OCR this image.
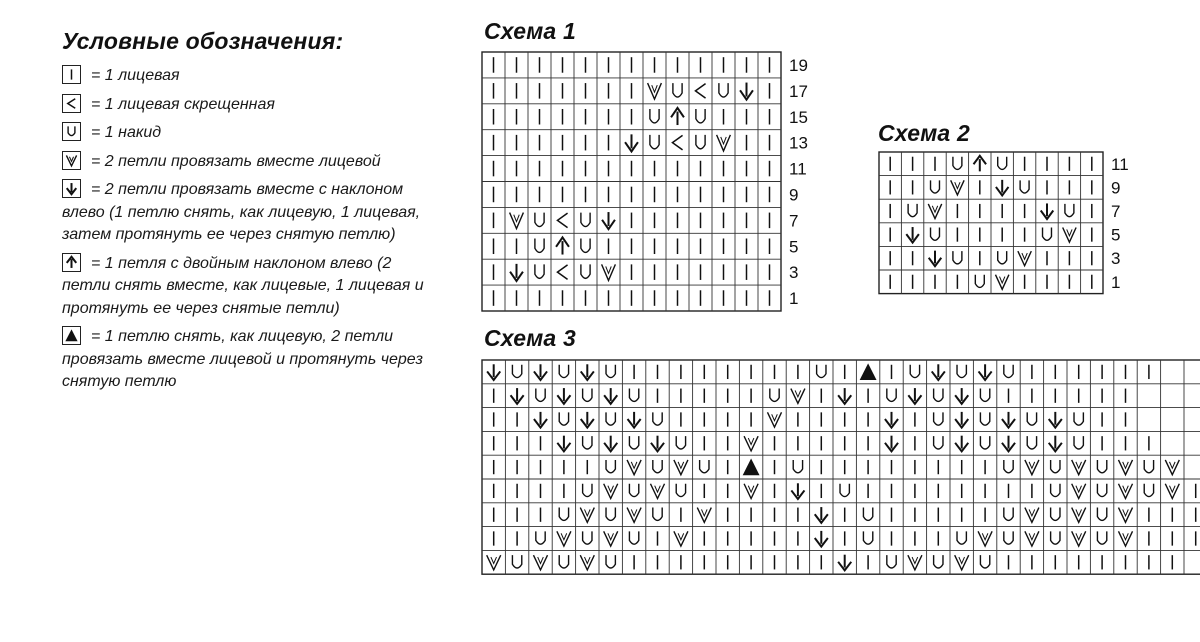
Условные обозначения:

= 1 лицевая
= 1 лицевая скрещенная
= 1 накид
= 2 петли провязать вместе лицевой
= 2 петли провязать вместе с наклоном влево (1 петлю снять, как лицевую, 1 лицевая, затем протянуть ее через снятую петлю)
= 1 петля с двойным наклоном влево (2 петли снять вместе, как лицевые, 1 лицевая и протянуть ее через снятые петли)
= 1 петлю снять, как лицевую, 2 петли провязать вместе лицевой и протянуть через снятую петлю

Схема 1

Схема 2

Схема 3

19
17
15
13
11
9
7
5
3
1
11
9
7
5
3
1
